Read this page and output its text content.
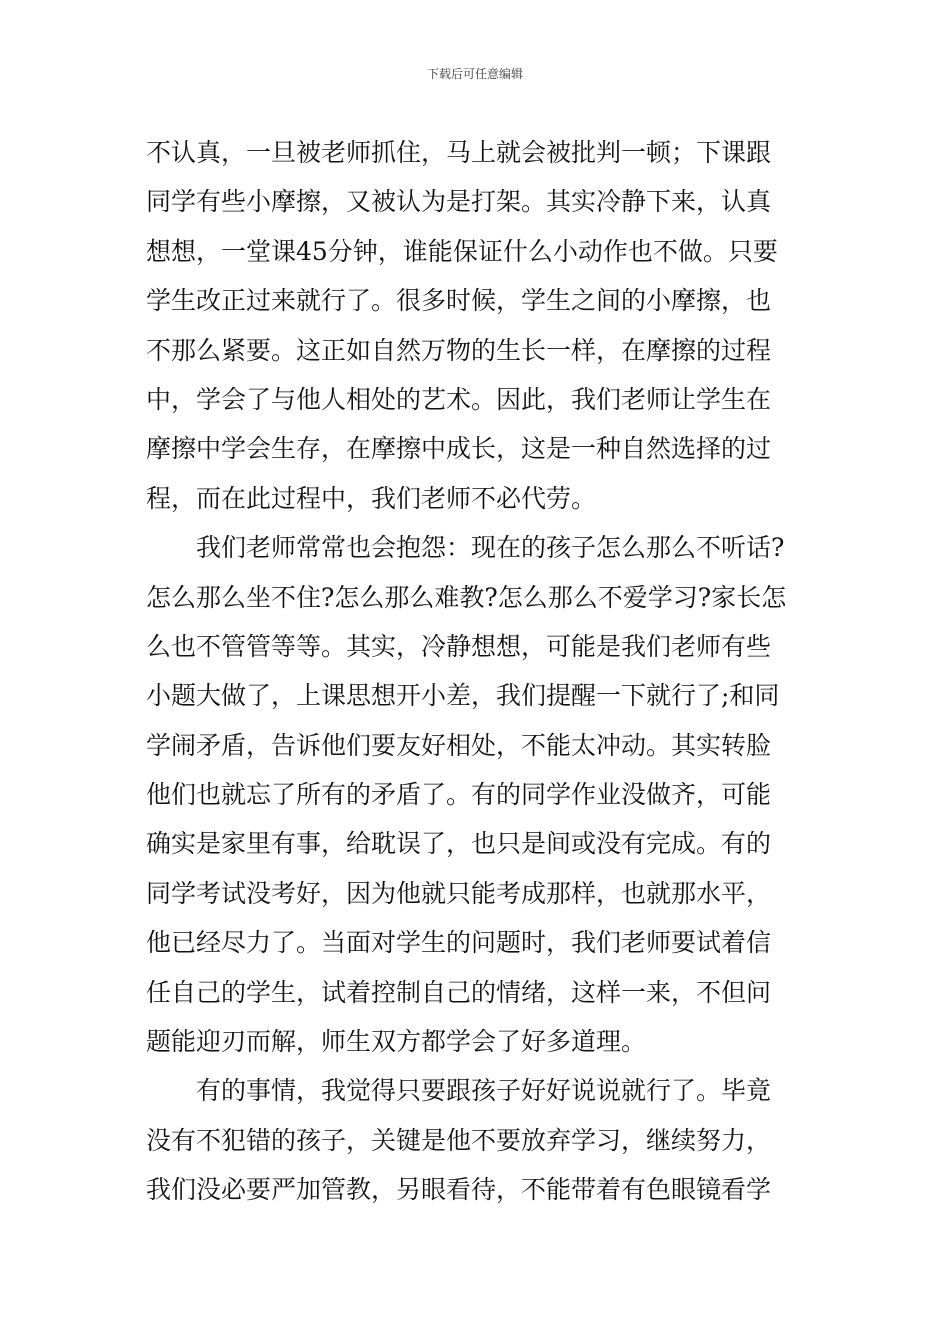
下载后可任意编辑
不认真，一旦被老师抓住，马上就会被批判一顿；下课跟
同学有些小摩擦，又被认为是打架。其实冷静下来，认真
想想，一堂课45分钟，谁能保证什么小动作也不做。只要
学生改正过来就行了。很多时候，学生之间的小摩擦，也
不那么紧要。这正如自然万物的生长一样，在摩擦的过程
中，学会了与他人相处的艺术。因此，我们老师让学生在
摩擦中学会生存，在摩擦中成长，这是一种自然选择的过
程，而在此过程中，我们老师不必代劳。
我们老师常常也会抱怨：现在的孩子怎么那么不听话?
怎么那么坐不住?怎么那么难教?怎么那么不爱学习?家长怎
么也不管管等等。其实，冷静想想，可能是我们老师有些
小题大做了，上课思想开小差，我们提醒一下就行了;和同
学闹矛盾，告诉他们要友好相处，不能太冲动。其实转脸
他们也就忘了所有的矛盾了。有的同学作业没做齐，可能
确实是家里有事，给耽误了，也只是间或没有完成。有的
同学考试没考好，因为他就只能考成那样，也就那水平，
他已经尽力了。当面对学生的问题时，我们老师要试着信
任自己的学生，试着控制自己的情绪，这样一来，不但问
题能迎刃而解，师生双方都学会了好多道理。
有的事情，我觉得只要跟孩子好好说说就行了。毕竟
没有不犯错的孩子，关键是他不要放弃学习，继续努力，
我们没必要严加管教，另眼看待，不能带着有色眼镜看学
